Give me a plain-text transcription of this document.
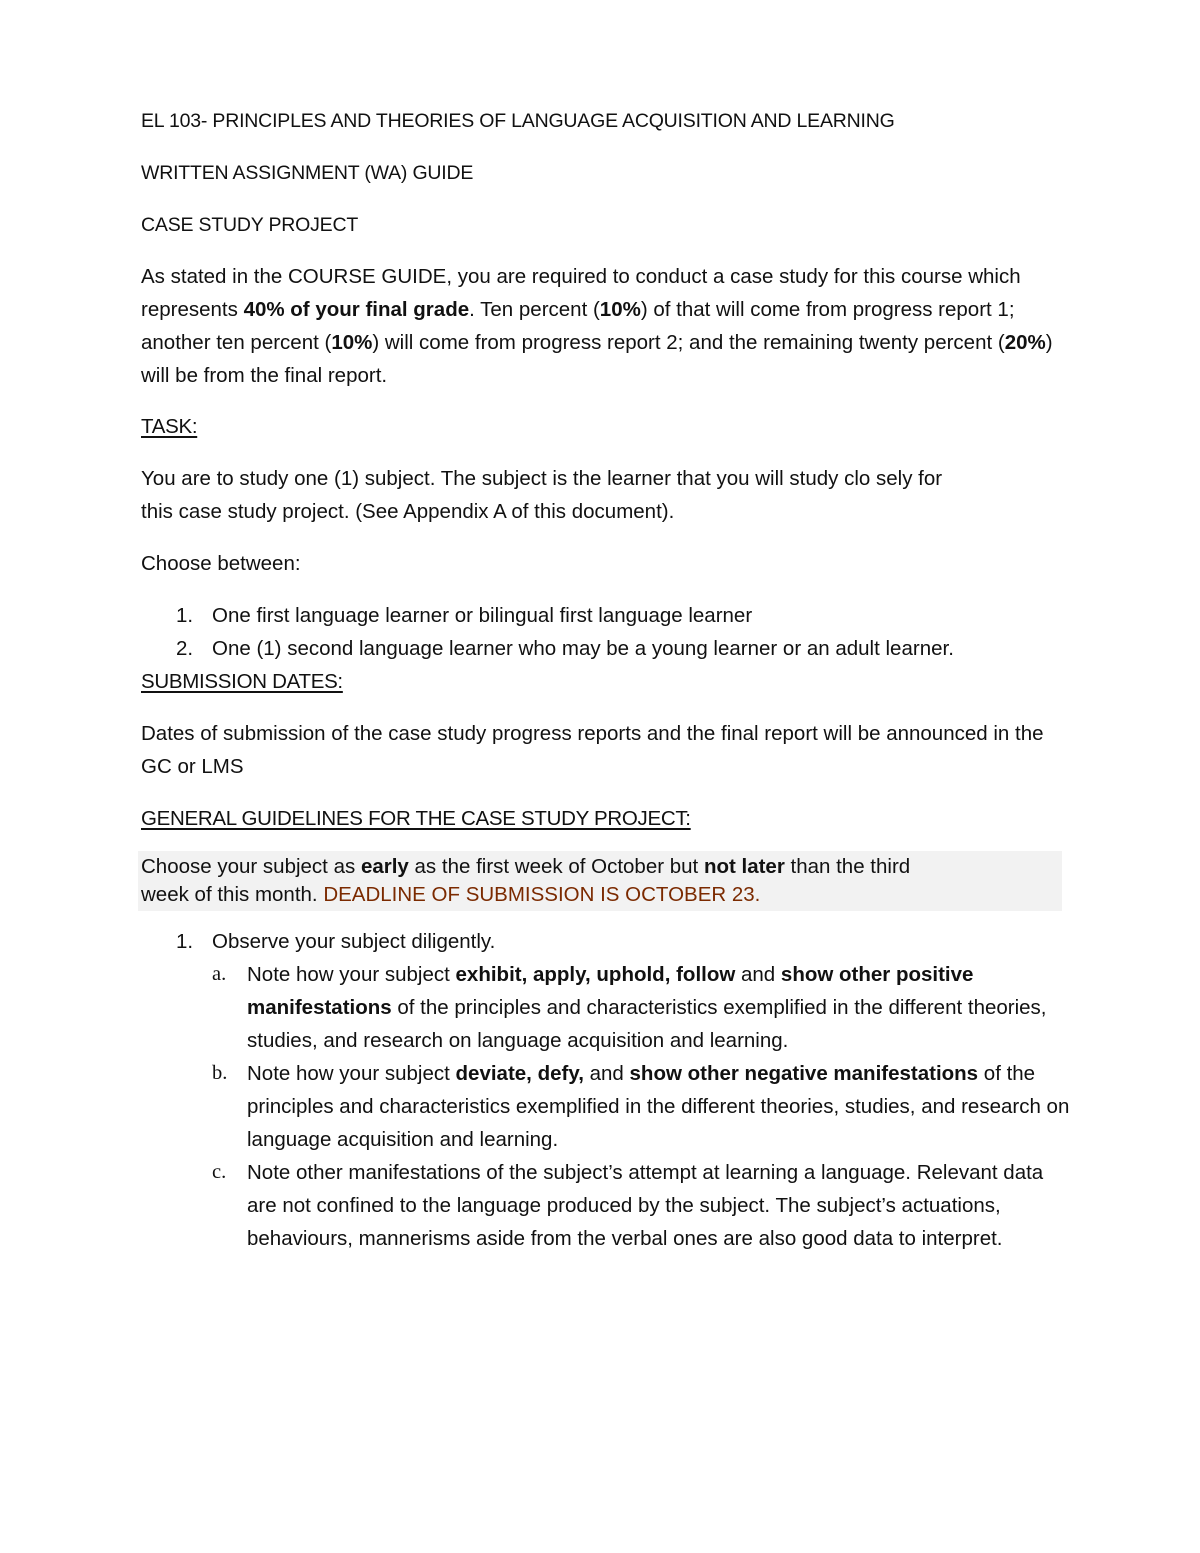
EL 103- PRINCIPLES AND THEORIES OF LANGUAGE ACQUISITION AND LEARNING

WRITTEN ASSIGNMENT (WA) GUIDE

CASE STUDY PROJECT

As stated in the COURSE GUIDE, you are required to conduct a case study for this course which represents 40% of your final grade. Ten percent (10%) of that will come from progress report 1; another ten percent (10%) will come from progress report 2; and the remaining twenty percent (20%) will be from the final report.

TASK:

You are to study one (1) subject. The subject is the learner that you will study clo sely for

this case study project. (See Appendix A of this document).

Choose between:

1. One first language learner or bilingual first language learner
2. One (1) second language learner who may be a young learner or an adult learner.

SUBMISSION DATES:

Dates of submission of the case study progress reports and the final report will be announced in the GC or LMS

GENERAL GUIDELINES FOR THE CASE STUDY PROJECT:

Choose your subject as early as the first week of October but not later than the third
week of this month. DEADLINE OF SUBMISSION IS OCTOBER 23.
1. Observe your subject diligently.
a. Note how your subject exhibit, apply, uphold, follow and show other positive manifestations of the principles and characteristics exemplified in the different theories, studies, and research on language acquisition and learning.
b. Note how your subject deviate, defy, and show other negative manifestations of the principles and characteristics exemplified in the different theories, studies, and research on language acquisition and learning.
c. Note other manifestations of the subject’s attempt at learning a language. Relevant data are not confined to the language produced by the subject. The subject’s actuations, behaviours, mannerisms aside from the verbal ones are also good data to interpret.
